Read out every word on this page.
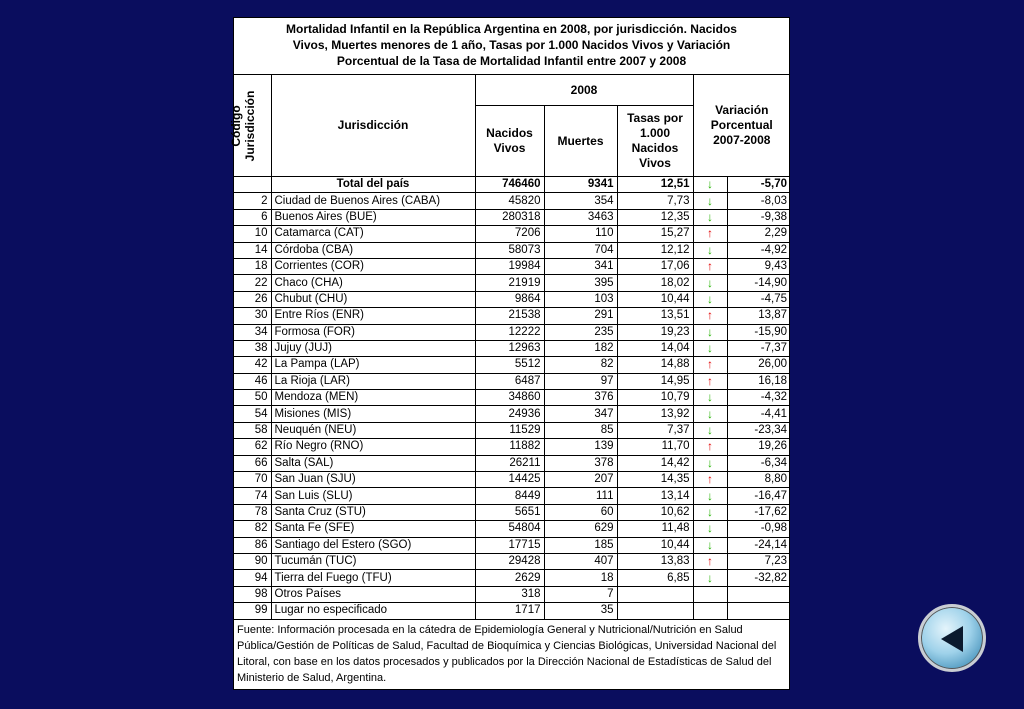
Mortalidad Infantil en la República Argentina en 2008, por jurisdicción. Nacidos
Vivos, Muertes menores de 1 año, Tasas por 1.000 Nacidos Vivos y Variación
Porcentual de la Tasa de Mortalidad Infantil entre 2007 y 2008
Código
Jurisdicción	Jurisdicción	2008			Variación
Porcentual
2007-2008	
		Nacidos
Vivos	Muertes	Tasas por
1.000
Nacidos
Vivos		
	Total del país	746460	9341	12,51	↓	-5,70
2	Ciudad de Buenos Aires (CABA)	45820	354	7,73	↓	-8,03
6	Buenos Aires (BUE)	280318	3463	12,35	↓	-9,38
10	Catamarca (CAT)	7206	110	15,27	↑	2,29
14	Córdoba (CBA)	58073	704	12,12	↓	-4,92
18	Corrientes (COR)	19984	341	17,06	↑	9,43
22	Chaco (CHA)	21919	395	18,02	↓	-14,90
26	Chubut (CHU)	9864	103	10,44	↓	-4,75
30	Entre Ríos (ENR)	21538	291	13,51	↑	13,87
34	Formosa (FOR)	12222	235	19,23	↓	-15,90
38	Jujuy (JUJ)	12963	182	14,04	↓	-7,37
42	La Pampa (LAP)	5512	82	14,88	↑	26,00
46	La Rioja (LAR)	6487	97	14,95	↑	16,18
50	Mendoza (MEN)	34860	376	10,79	↓	-4,32
54	Misiones (MIS)	24936	347	13,92	↓	-4,41
58	Neuquén (NEU)	11529	85	7,37	↓	-23,34
62	Río Negro (RNO)	11882	139	11,70	↑	19,26
66	Salta (SAL)	26211	378	14,42	↓	-6,34
70	San Juan (SJU)	14425	207	14,35	↑	8,80
74	San Luis (SLU)	8449	111	13,14	↓	-16,47
78	Santa Cruz (STU)	5651	60	10,62	↓	-17,62
82	Santa Fe (SFE)	54804	629	11,48	↓	-0,98
86	Santiago del Estero (SGO)	17715	185	10,44	↓	-24,14
90	Tucumán (TUC)	29428	407	13,83	↑	7,23
94	Tierra del Fuego (TFU)	2629	18	6,85	↓	-32,82
98	Otros Países	318	7			
99	Lugar no especificado	1717	35			
Fuente: Información procesada en la cátedra de Epidemiología General y Nutricional/Nutrición en Salud Pública/Gestión de Políticas de Salud, Facultad de Bioquímica y Ciencias Biológicas, Universidad Nacional del Litoral, con base en los datos procesados y publicados por la Dirección Nacional de Estadísticas de Salud del Ministerio de Salud, Argentina.
